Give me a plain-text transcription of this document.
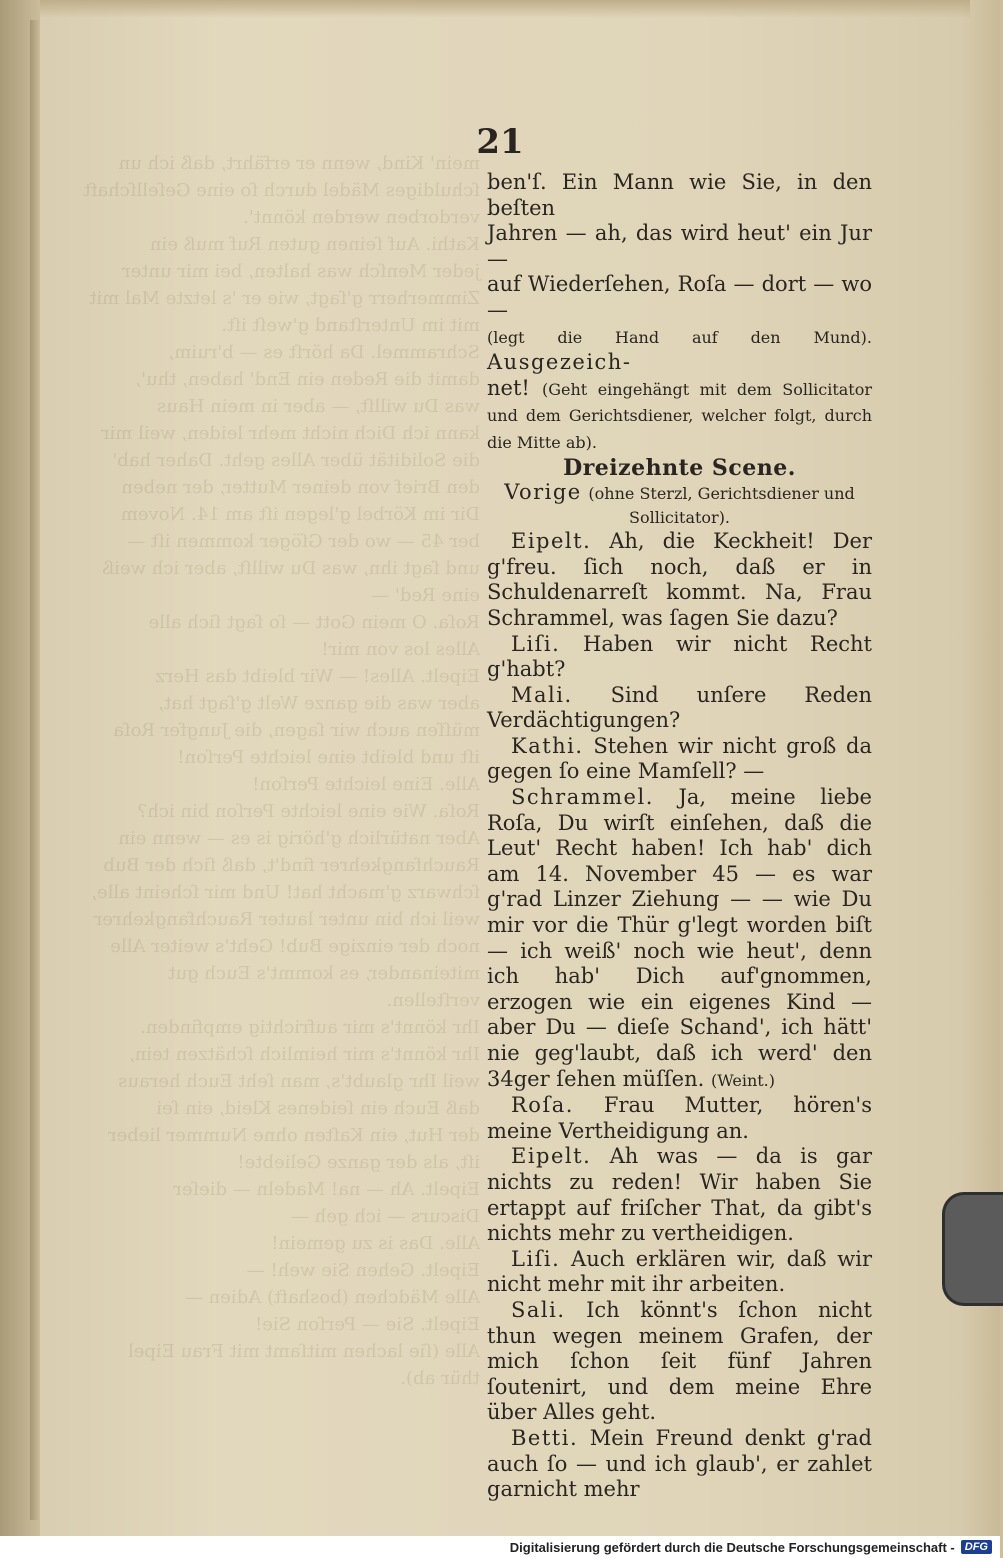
mein' Kind, wenn er erfährt, daß ich un
ſchuldiges Mädel durch ſo eine Geſellſchaft
verdorben werden könnt'.
Kathi. Auf ſeinen guten Ruf muß ein
jeder Menſch was halten, bei mir unter
Zimmerherr g'ſagt, wie er 's letzte Mal mit
mit im Unterſtand g'weſt iſt.
Schrammel. Da hörſt es — b'ruim,
damit die Reden ein End' haben, thu',
was Du willſt, — aber in mein Haus
kann ich Dich nicht mehr leiden, weil mir
die Solidität über Alles geht. Daher hab'
den Brief von deiner Mutter, der neben
Dir im Körbel g'legen iſt am 14. Novem
ber 45 — wo der Gſöger kommen iſt —
und ſagt ihn, was Du willſt, aber ich weiß
eine Red' —
Roſa. O mein Gott — ſo ſagt ſich alle
Alles los von mir!
Eipelt. Alles! — Wir bleibt das Herz
aber was die ganze Welt g'ſagt hat,
müſſen auch wir ſagen, die Jungfer Roſa
iſt und bleibt eine leichte Perſon!
Alle. Eine leichte Perſon!
Roſa. Wie eine leichte Perſon bin ich?
Aber natürlich g'hörig is es — wenn ein
Rauchfangkehrer find't, daß ſich der Bub
ſchwarz g'macht hat! Und mir ſcheint alle,
weil ich bin unter lauter Rauchfangkehrer
noch der einzige Bub! Geht's weiter Alle
miteinander, es kommt's Euch gut verſtellen.
Ihr könnt's mir aufrichtig empfinden.
Ihr könnt's mir heimlich ſchätzen tein,
weil Ihr glaubt's, man ſeht Euch heraus
daß Euch ein ſeidenes Kleid, ein ſei
der Hut, ein Kaſten ohne Nummer lieber
iſt, als der ganze Geliebte!
Eipelt. Ah — na! Madeln — dieſer
Discurs — ich geh —
Alle. Das is zu gemein!
Eipelt. Gehen Sie weh! —
Alle Mädchen (boshaft) Adien —
Eipelt. Sie — Perſon Sie!
Alle (ſie lachen mitſamt mit Frau Eipel
thür ab).
21

ben'ſ. Ein Mann wie Sie, in den beſten

Jahren — ah, das wird heut' ein Jur —

auf Wiederſehen, Roſa — dort — wo —

(legt die Hand auf den Mund). Ausgezeich-

net! (Geht eingehängt mit dem Sollicitator und dem Gerichtsdiener, welcher folgt, durch die Mitte ab).

Dreizehnte Scene.

Vorige (ohne Sterzl, Gerichtsdiener und Sollicitator).

Eipelt. Ah, die Keckheit! Der g'freu. ſich noch, daß er in Schuldenarreſt kommt. Na, Frau Schrammel, was ſagen Sie dazu?

Liſi. Haben wir nicht Recht g'habt?

Mali. Sind unſere Reden Verdächtigungen?

Kathi. Stehen wir nicht groß da gegen ſo eine Mamſell? —

Schrammel. Ja, meine liebe Roſa, Du wirſt einſehen, daß die Leut' Recht haben! Ich hab' dich am 14. November 45 — es war g'rad Linzer Ziehung — — wie Du mir vor die Thür g'legt worden biſt — ich weiß' noch wie heut', denn ich hab' Dich auf'gnommen, erzogen wie ein eigenes Kind — aber Du — dieſe Schand', ich hätt' nie geg'laubt, daß ich werd' den 34ger ſehen müſſen. (Weint.)

Roſa. Frau Mutter, hören's meine Vertheidigung an.

Eipelt. Ah was — da is gar nichts zu reden! Wir haben Sie ertappt auf friſcher That, da gibt's nichts mehr zu vertheidigen.

Liſi. Auch erklären wir, daß wir nicht mehr mit ihr arbeiten.

Sali. Ich könnt's ſchon nicht thun wegen meinem Grafen, der mich ſchon ſeit fünf Jahren ſoutenirt, und dem meine Ehre über Alles geht.

Betti. Mein Freund denkt g'rad auch ſo — und ich glaub', er zahlet garnicht mehr

Digitalisierung gefördert durch die Deutsche Forschungsgemeinschaft - DFG
